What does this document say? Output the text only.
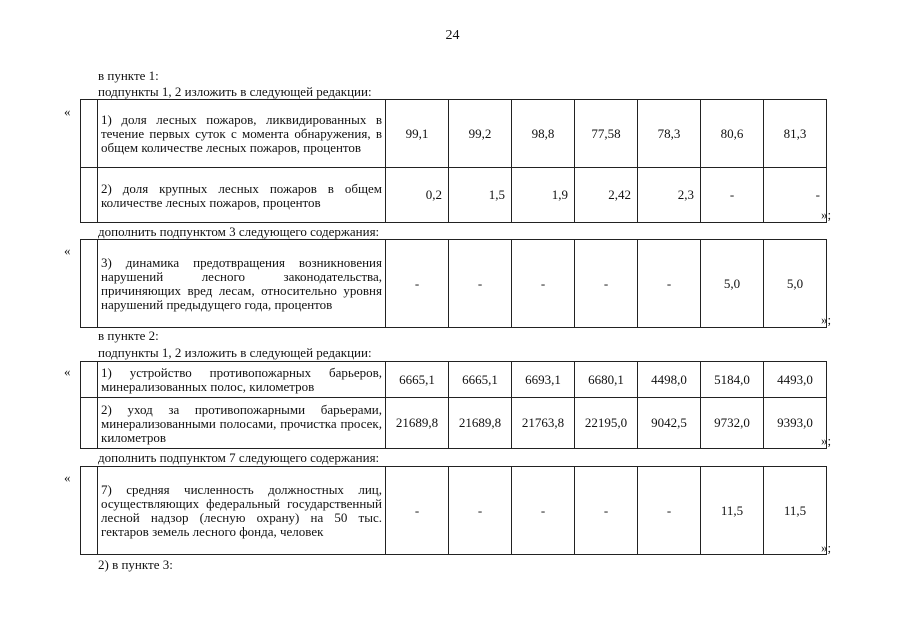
24
в пункте 1:
подпункты 1, 2 изложить в следующей редакции:
«
	1) доля лесных пожаров, ликвидированных в течение первых суток с момента обнаружения, в общем количестве лесных пожаров, процентов	99,1	99,2	98,8	77,58	78,3	80,6	81,3
	2) доля крупных лесных пожаров в общем количестве лесных пожаров, процентов	0,2	1,5	1,9	2,42	2,3	-	-
»;
дополнить подпунктом 3 следующего содержания:
«
	3) динамика предотвращения возникновения нарушений лесного законодательства, причиняющих вред лесам, относительно уровня нарушений предыдущего года, процентов	-	-	-	-	-	5,0	5,0
»;
в пункте 2:
подпункты 1, 2 изложить в следующей редакции:
«
	1) устройство противопожарных барьеров, минерализованных полос, километров	6665,1	6665,1	6693,1	6680,1	4498,0	5184,0	4493,0
	2) уход за противопожарными барьерами, минерализованными полосами, прочистка просек, километров	21689,8	21689,8	21763,8	22195,0	9042,5	9732,0	9393,0
»;
дополнить подпунктом 7 следующего содержания:
«
	7) средняя численность должностных лиц, осуществляющих федеральный государственный лесной надзор (лесную охрану) на 50 тыс. гектаров земель лесного фонда, человек	-	-	-	-	-	11,5	11,5
»;
2) в пункте 3:
